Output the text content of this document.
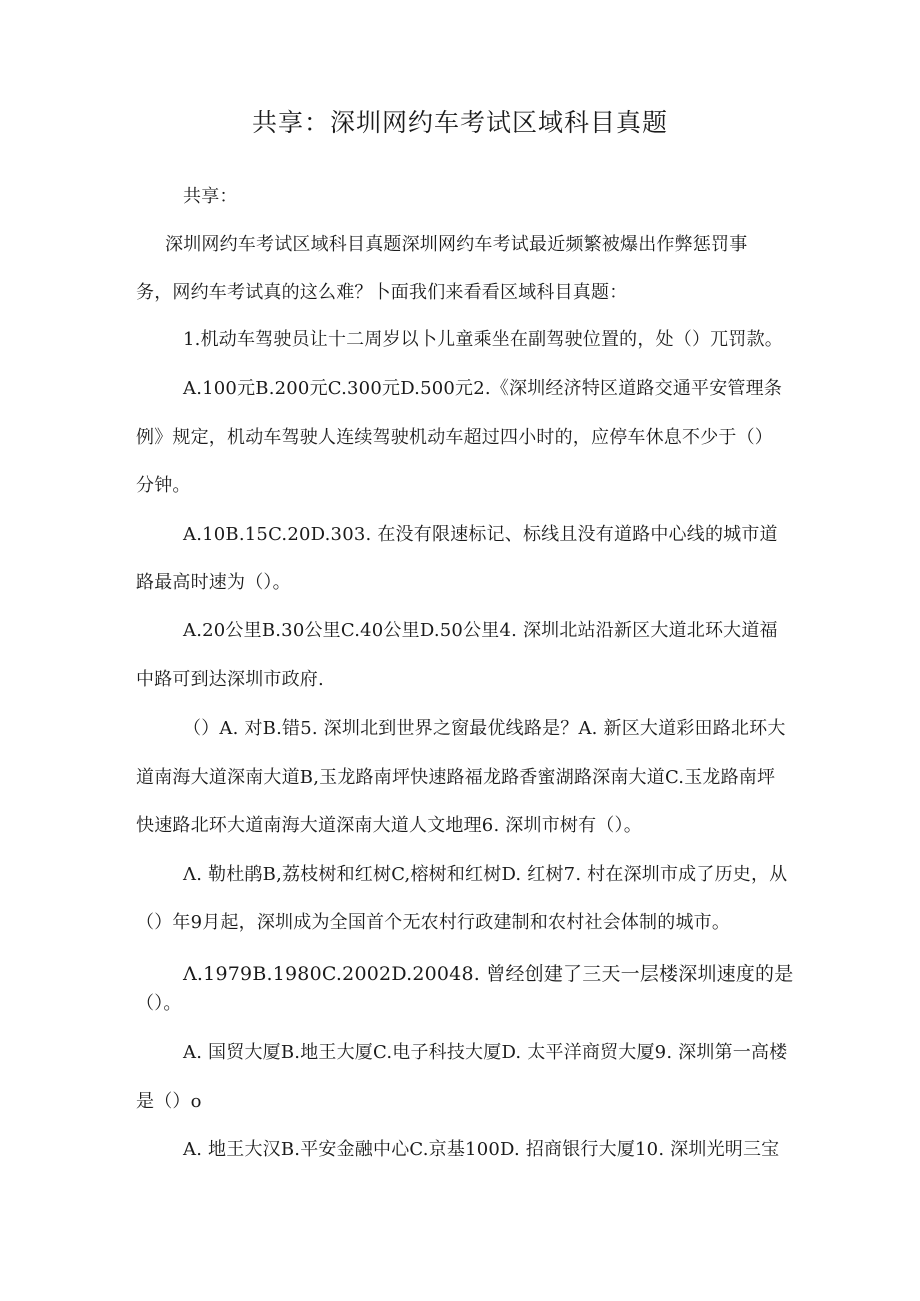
共享：深圳网约车考试区域科目真题
共享：
深圳网约车考试区域科目真题深圳网约车考试最近频繁被爆出作弊惩罚事
务，网约车考试真的这么难？卜面我们来看看区域科目真题：
1.机动车驾驶员让十二周岁以卜儿童乘坐在副驾驶位置的，处（）兀罚款。
A.100元B.200元C.300元D.500元2.《深圳经济特区道路交通平安管理条
例》规定，机动车驾驶人连续驾驶机动车超过四小时的，应停车休息不少于（）
分钟。
A.10B.15C.20D.303. 在没有限速标记、标线且没有道路中心线的城市道
路最高时速为（）。
A.20公里B.30公里C.40公里D.50公里4. 深圳北站沿新区大道北环大道福
中路可到达深圳市政府.
（）A. 对B.错5. 深圳北到世界之窗最优线路是？A. 新区大道彩田路北环大
道南海大道深南大道B,玉龙路南坪快速路福龙路香蜜湖路深南大道C.玉龙路南坪
快速路北环大道南海大道深南大道人文地理6. 深圳市树有（）。
Λ. 勒杜鹃B,荔枝树和红树C,榕树和红树D. 红树7. 村在深圳市成了历史，从
（）年9月起，深圳成为全国首个无农村行政建制和农村社会体制的城市。
Λ.1979B.1980C.2002D.20048. 曾经创建了三天一层楼深圳速度的是
（）。
A. 国贸大厦B.地王大厦C.电子科技大厦D. 太平洋商贸大厦9. 深圳第一高楼
是（）o
A. 地王大汉B.平安金融中心C.京基100D. 招商银行大厦10. 深圳光明三宝
